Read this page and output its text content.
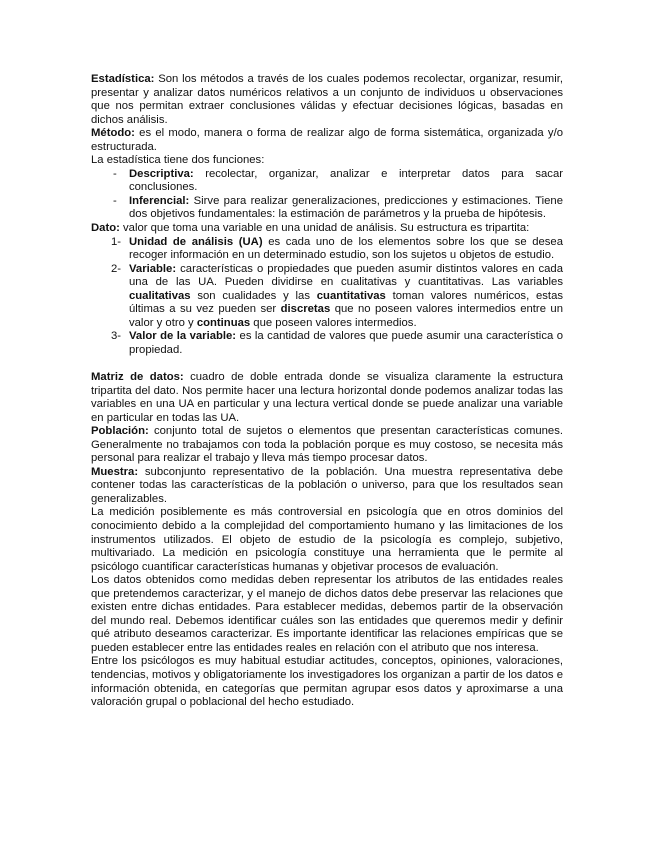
Estadística: Son los métodos a través de los cuales podemos recolectar, organizar, resumir, presentar y analizar datos numéricos relativos a un conjunto de individuos u observaciones que nos permitan extraer conclusiones válidas y efectuar decisiones lógicas, basadas en dichos análisis.

Método: es el modo, manera o forma de realizar algo de forma sistemática, organizada y/o estructurada.

La estadística tiene dos funciones:

- Descriptiva: recolectar, organizar, analizar e interpretar datos para sacar conclusiones.
- Inferencial: Sirve para realizar generalizaciones, predicciones y estimaciones. Tiene dos objetivos fundamentales: la estimación de parámetros y la prueba de hipótesis.

Dato: valor que toma una variable en una unidad de análisis. Su estructura es tripartita:

1- Unidad de análisis (UA) es cada uno de los elementos sobre los que se desea recoger información en un determinado estudio, son los sujetos u objetos de estudio.
2- Variable: características o propiedades que pueden asumir distintos valores en cada una de las UA. Pueden dividirse en cualitativas y cuantitativas. Las variables cualitativas son cualidades y las cuantitativas toman valores numéricos, estas últimas a su vez pueden ser discretas que no poseen valores intermedios entre un valor y otro y continuas que poseen valores intermedios.
3- Valor de la variable: es la cantidad de valores que puede asumir una característica o propiedad.

Matriz de datos: cuadro de doble entrada donde se visualiza claramente la estructura tripartita del dato. Nos permite hacer una lectura horizontal donde podemos analizar todas las variables en una UA en particular y una lectura vertical donde se puede analizar una variable en particular en todas las UA.

Población: conjunto total de sujetos o elementos que presentan características comunes. Generalmente no trabajamos con toda la población porque es muy costoso, se necesita más personal para realizar el trabajo y lleva más tiempo procesar datos.

Muestra: subconjunto representativo de la población. Una muestra representativa debe contener todas las características de la población o universo, para que los resultados sean generalizables.

La medición posiblemente es más controversial en psicología que en otros dominios del conocimiento debido a la complejidad del comportamiento humano y las limitaciones de los instrumentos utilizados. El objeto de estudio de la psicología es complejo, subjetivo, multivariado. La medición en psicología constituye una herramienta que le permite al psicólogo cuantificar características humanas y objetivar procesos de evaluación.

Los datos obtenidos como medidas deben representar los atributos de las entidades reales que pretendemos caracterizar, y el manejo de dichos datos debe preservar las relaciones que existen entre dichas entidades. Para establecer medidas, debemos partir de la observación del mundo real. Debemos identificar cuáles son las entidades que queremos medir y definir qué atributo deseamos caracterizar. Es importante identificar las relaciones empíricas que se pueden establecer entre las entidades reales en relación con el atributo que nos interesa.

Entre los psicólogos es muy habitual estudiar actitudes, conceptos, opiniones, valoraciones, tendencias, motivos y obligatoriamente los investigadores los organizan a partir de los datos e información obtenida, en categorías que permitan agrupar esos datos y aproximarse a una valoración grupal o poblacional del hecho estudiado.
